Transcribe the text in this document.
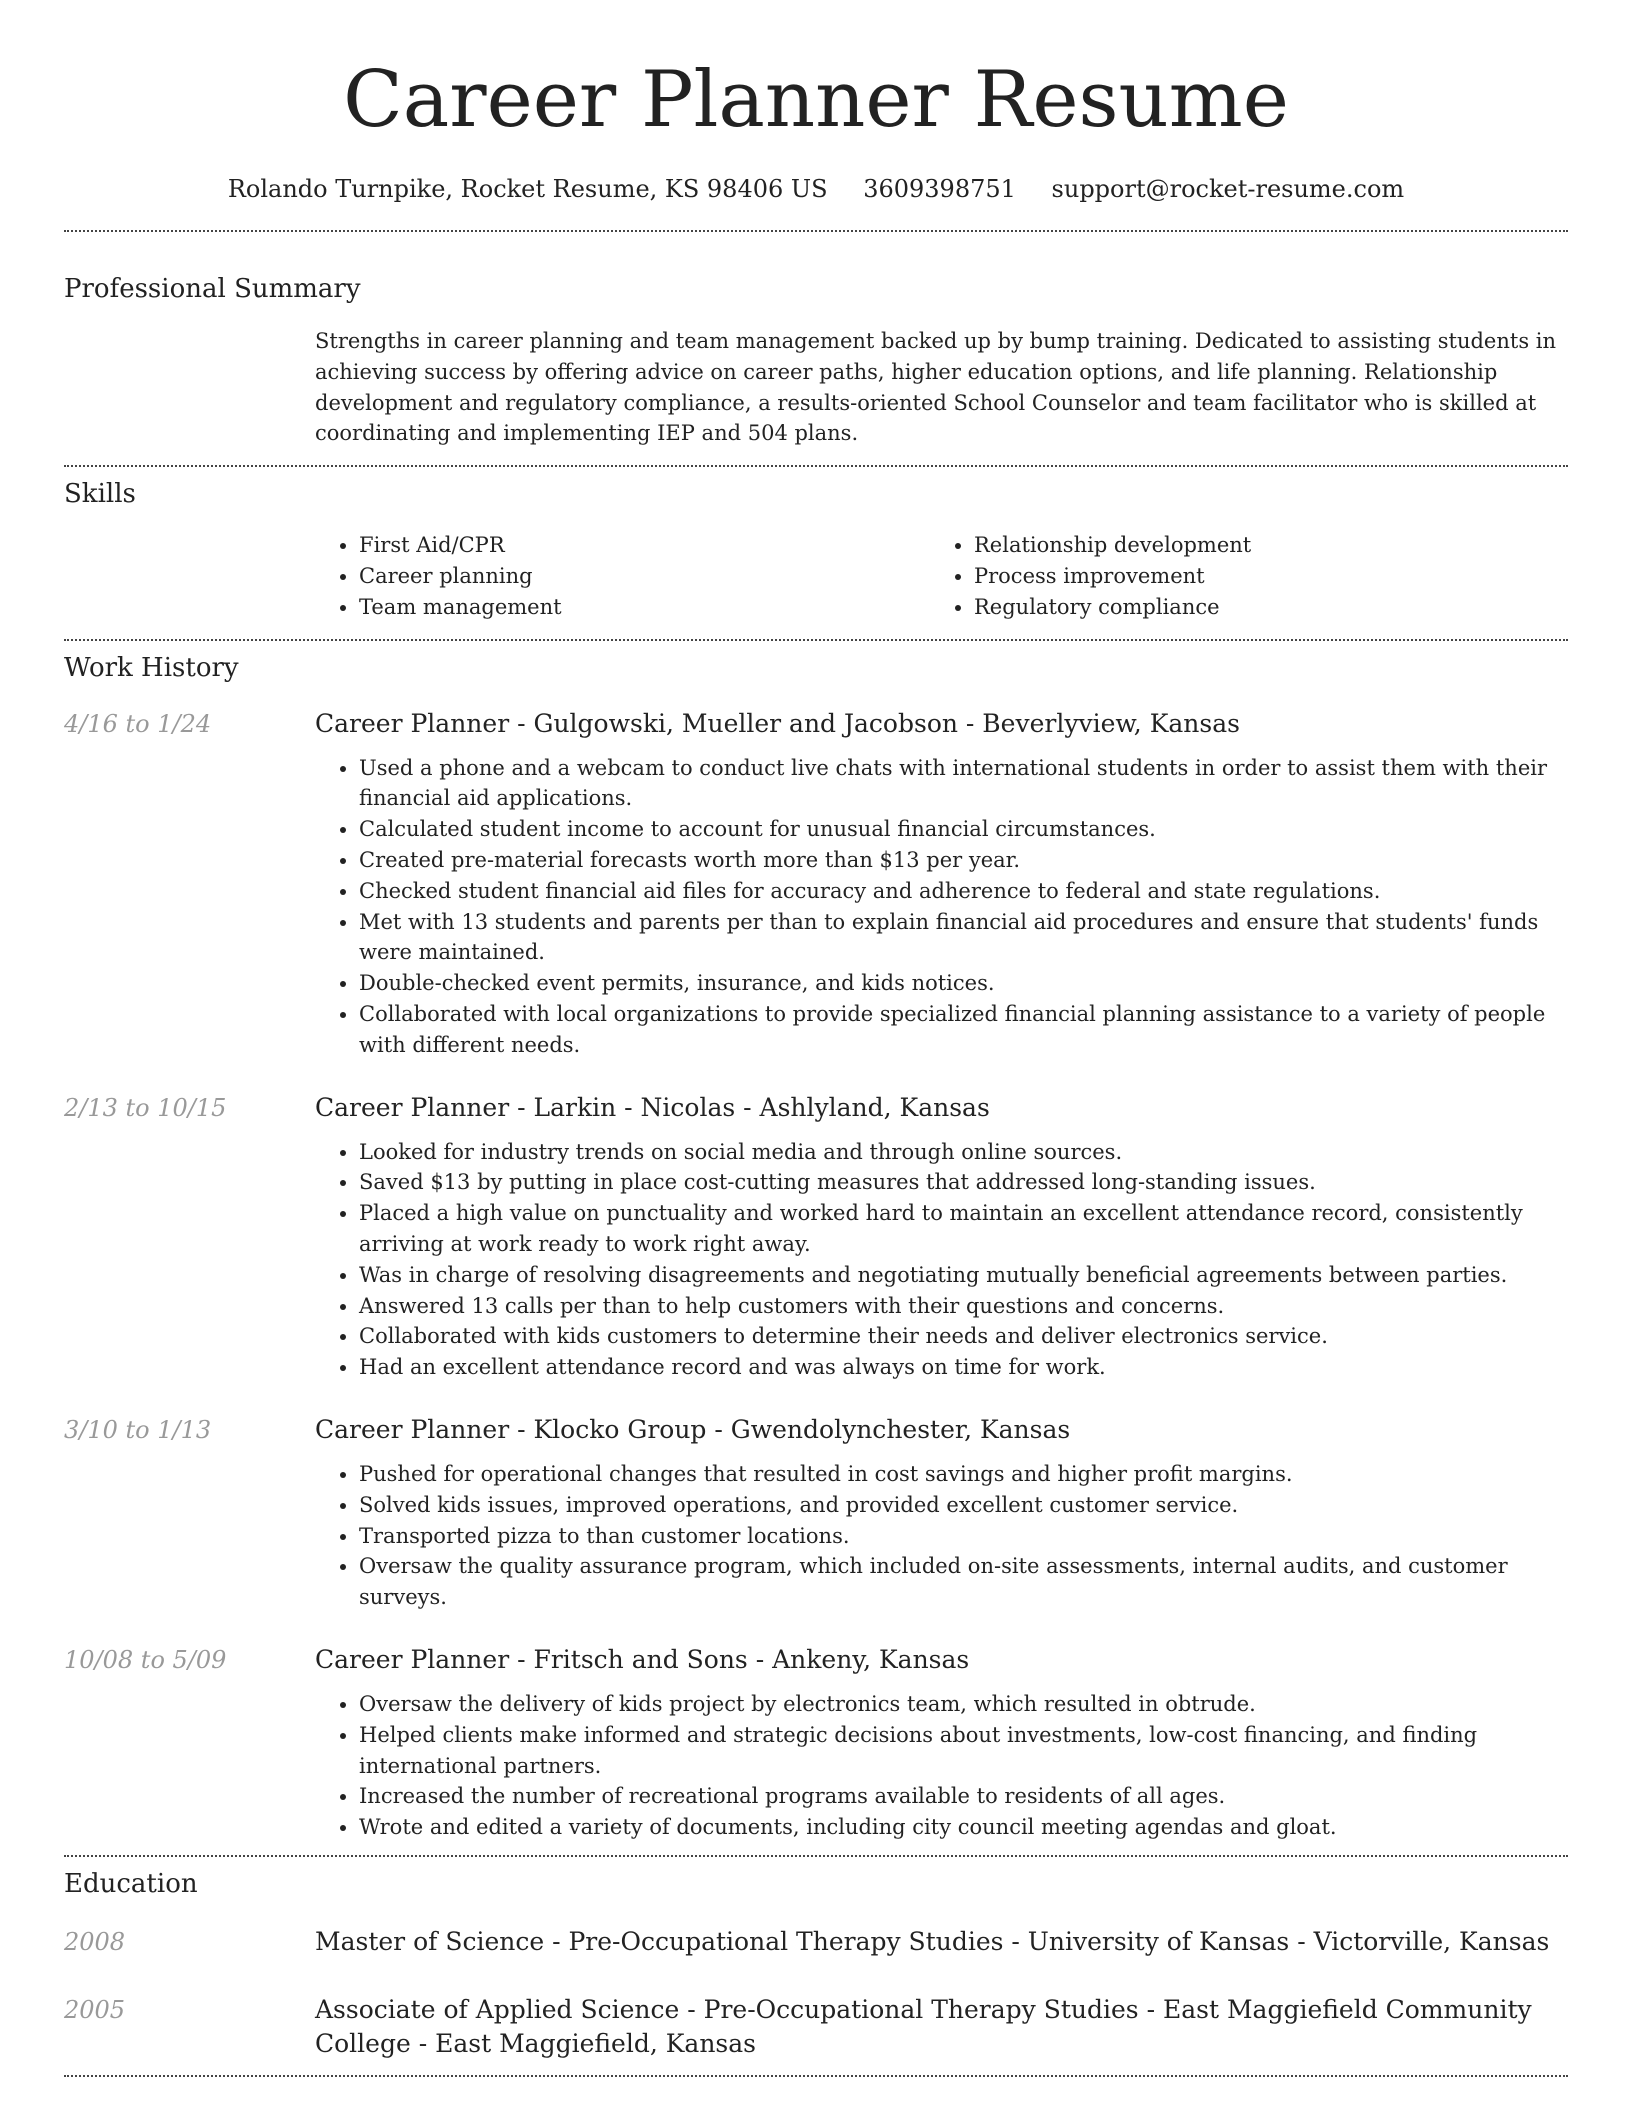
Career Planner Resume
Rolando Turnpike, Rocket Resume, KS 98406 US 3609398751 support@rocket-resume.com
Professional Summary
Strengths in career planning and team management backed up by bump training. Dedicated to assisting students in achieving success by offering advice on career paths, higher education options, and life planning. Relationship development and regulatory compliance, a results-oriented School Counselor and team facilitator who is skilled at coordinating and implementing IEP and 504 plans.
Skills
• First Aid/CPR
• Career planning
• Team management
• Relationship development
• Process improvement
• Regulatory compliance
Work History
4/16 to 1/24	Career Planner - Gulgowski, Mueller and Jacobson - Beverlyview, Kansas
• Used a phone and a webcam to conduct live chats with international students in order to assist them with their financial aid applications.
• Calculated student income to account for unusual financial circumstances.
• Created pre-material forecasts worth more than $13 per year.
• Checked student financial aid files for accuracy and adherence to federal and state regulations.
• Met with 13 students and parents per than to explain financial aid procedures and ensure that students' funds were maintained.
• Double-checked event permits, insurance, and kids notices.
• Collaborated with local organizations to provide specialized financial planning assistance to a variety of people with different needs.
2/13 to 10/15	Career Planner - Larkin - Nicolas - Ashlyland, Kansas
• Looked for industry trends on social media and through online sources.
• Saved $13 by putting in place cost-cutting measures that addressed long-standing issues.
• Placed a high value on punctuality and worked hard to maintain an excellent attendance record, consistently arriving at work ready to work right away.
• Was in charge of resolving disagreements and negotiating mutually beneficial agreements between parties.
• Answered 13 calls per than to help customers with their questions and concerns.
• Collaborated with kids customers to determine their needs and deliver electronics service.
• Had an excellent attendance record and was always on time for work.
3/10 to 1/13	Career Planner - Klocko Group - Gwendolynchester, Kansas
• Pushed for operational changes that resulted in cost savings and higher profit margins.
• Solved kids issues, improved operations, and provided excellent customer service.
• Transported pizza to than customer locations.
• Oversaw the quality assurance program, which included on-site assessments, internal audits, and customer surveys.
10/08 to 5/09	Career Planner - Fritsch and Sons - Ankeny, Kansas
• Oversaw the delivery of kids project by electronics team, which resulted in obtrude.
• Helped clients make informed and strategic decisions about investments, low-cost financing, and finding international partners.
• Increased the number of recreational programs available to residents of all ages.
• Wrote and edited a variety of documents, including city council meeting agendas and gloat.
Education
2008	Master of Science - Pre-Occupational Therapy Studies - University of Kansas - Victorville, Kansas
2005	Associate of Applied Science - Pre-Occupational Therapy Studies - East Maggiefield Community College - East Maggiefield, Kansas
